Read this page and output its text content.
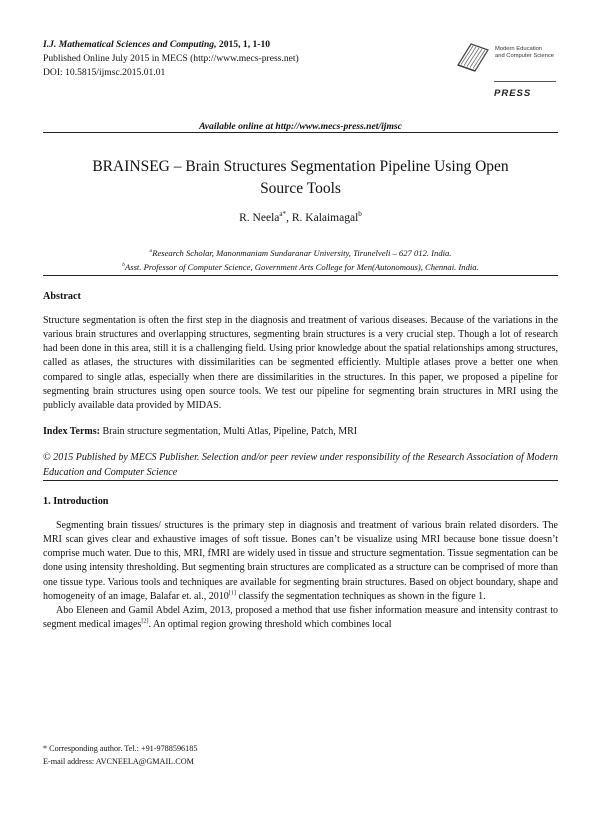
I.J. Mathematical Sciences and Computing, 2015, 1, 1-10
Published Online July 2015 in MECS (http://www.mecs-press.net)
DOI: 10.5815/ijmsc.2015.01.01
Modern Education
and Computer Science
PRESS
Available online at http://www.mecs-press.net/ijmsc
BRAINSEG – Brain Structures Segmentation Pipeline Using Open
Source Tools
R. Neela$^{a*}$, R. Kalaimagal$^b$
$^a$Research Scholar, Manonmaniam Sundaranar University, Tirunelveli – 627 012. India.
$^b$Asst. Professor of Computer Science, Government Arts College for Men(Autonomous), Chennai. India.
Abstract

Structure segmentation is often the first step in the diagnosis and treatment of various diseases. Because of the variations in the various brain structures and overlapping structures, segmenting brain structures is a very crucial step. Though a lot of research had been done in this area, still it is a challenging field. Using prior knowledge about the spatial relationships among structures, called as atlases, the structures with dissimilarities can be segmented efficiently. Multiple atlases prove a better one when compared to single atlas, especially when there are dissimilarities in the structures. In this paper, we proposed a pipeline for segmenting brain structures using open source tools. We test our pipeline for segmenting brain structures in MRI using the publicly available data provided by MIDAS.

Index Terms: Brain structure segmentation, Multi Atlas, Pipeline, Patch, MRI

© 2015 Published by MECS Publisher. Selection and/or peer review under responsibility of the Research Association of Modern Education and Computer Science

1. Introduction

Segmenting brain tissues/ structures is the primary step in diagnosis and treatment of various brain related disorders. The MRI scan gives clear and exhaustive images of soft tissue. Bones can’t be visualize using MRI because bone tissue doesn’t comprise much water. Due to this, MRI, fMRI are widely used in tissue and structure segmentation. Tissue segmentation can be done using intensity thresholding. But segmenting brain structures are complicated as a structure can be comprised of more than one tissue type. Various tools and techniques are available for segmenting brain structures. Based on object boundary, shape and homogeneity of an image, Balafar et. al., 2010[1] classify the segmentation techniques as shown in the figure 1.

Abo Eleneen and Gamil Abdel Azim, 2013, proposed a method that use fisher information measure and intensity contrast to segment medical images[2]. An optimal region growing threshold which combines local

* Corresponding author. Tel.: +91-9788596185
E-mail address: AVCNEELA@GMAIL.COM
